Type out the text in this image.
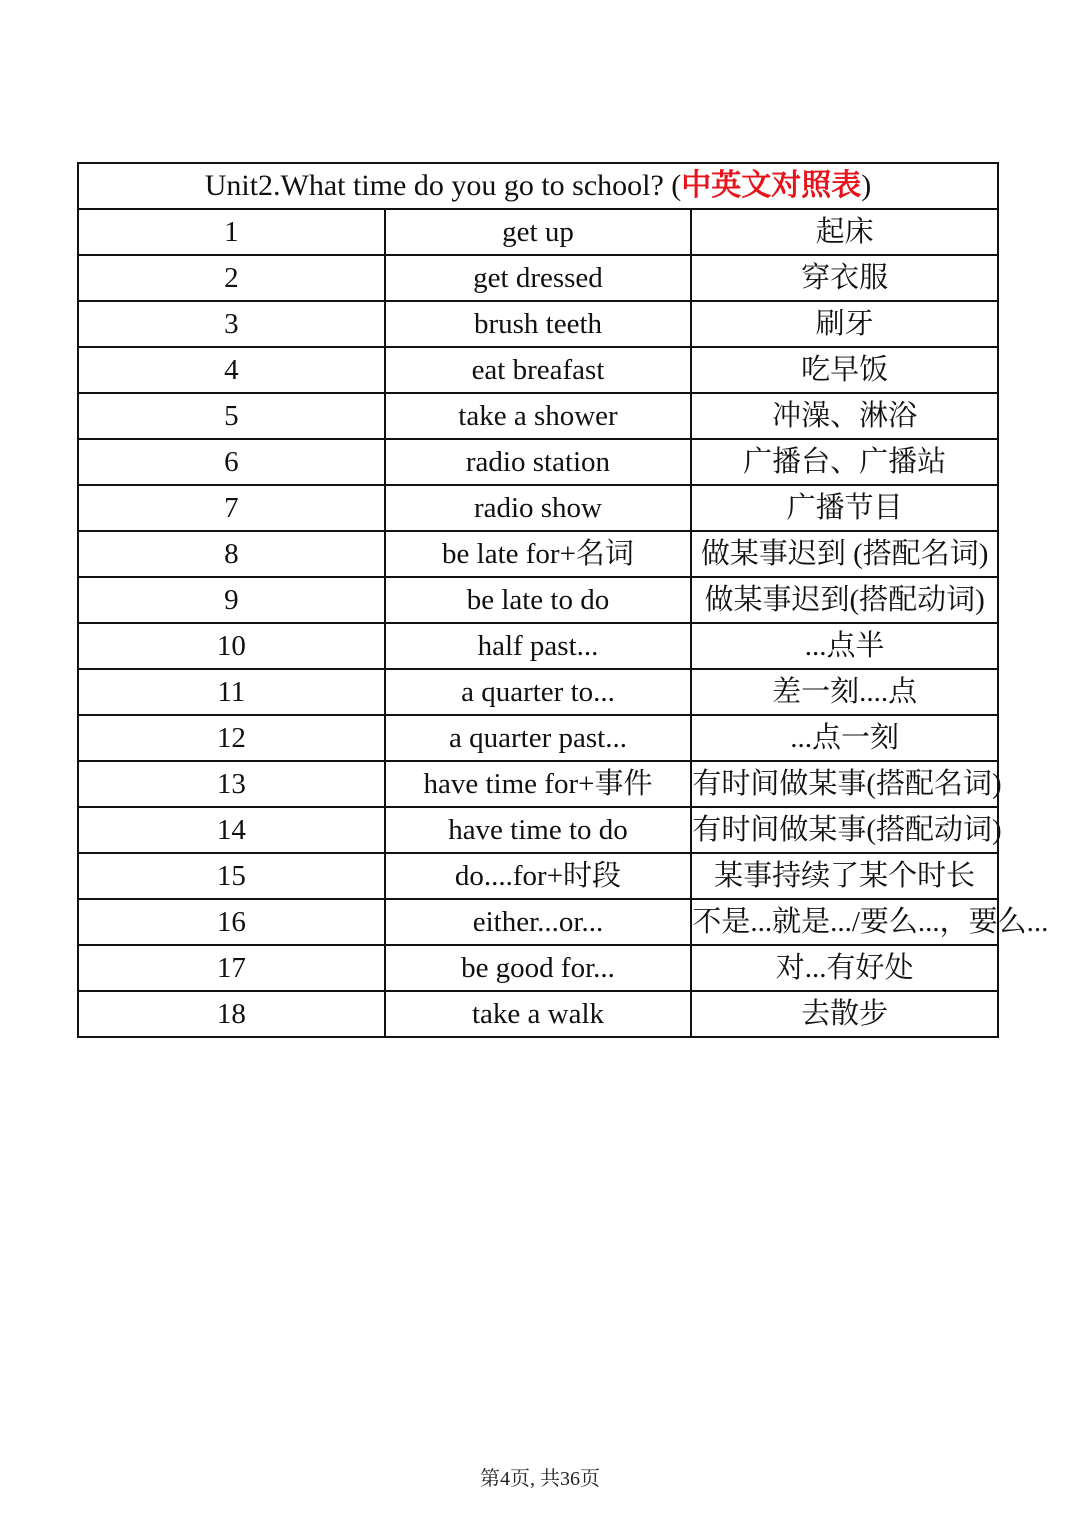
Unit2.What time do you go to school? (中英文对照表)		
1	get up	起床
2	get dressed	穿衣服
3	brush teeth	刷牙
4	eat breafast	吃早饭
5	take a shower	冲澡、淋浴
6	radio station	广播台、广播站
7	radio show	广播节目
8	be late for+名词	做某事迟到 (搭配名词)
9	be late to do	做某事迟到(搭配动词)
10	half past...	...点半
11	a quarter to...	差一刻....点
12	a quarter past...	...点一刻
13	have time for+事件	有时间做某事(搭配名词)
14	have time to do	有时间做某事(搭配动词)
15	do....for+时段	某事持续了某个时长
16	either...or...	不是...就是.../要么...，要么...
17	be good for...	对...有好处
18	take a walk	去散步
第4页, 共36页
